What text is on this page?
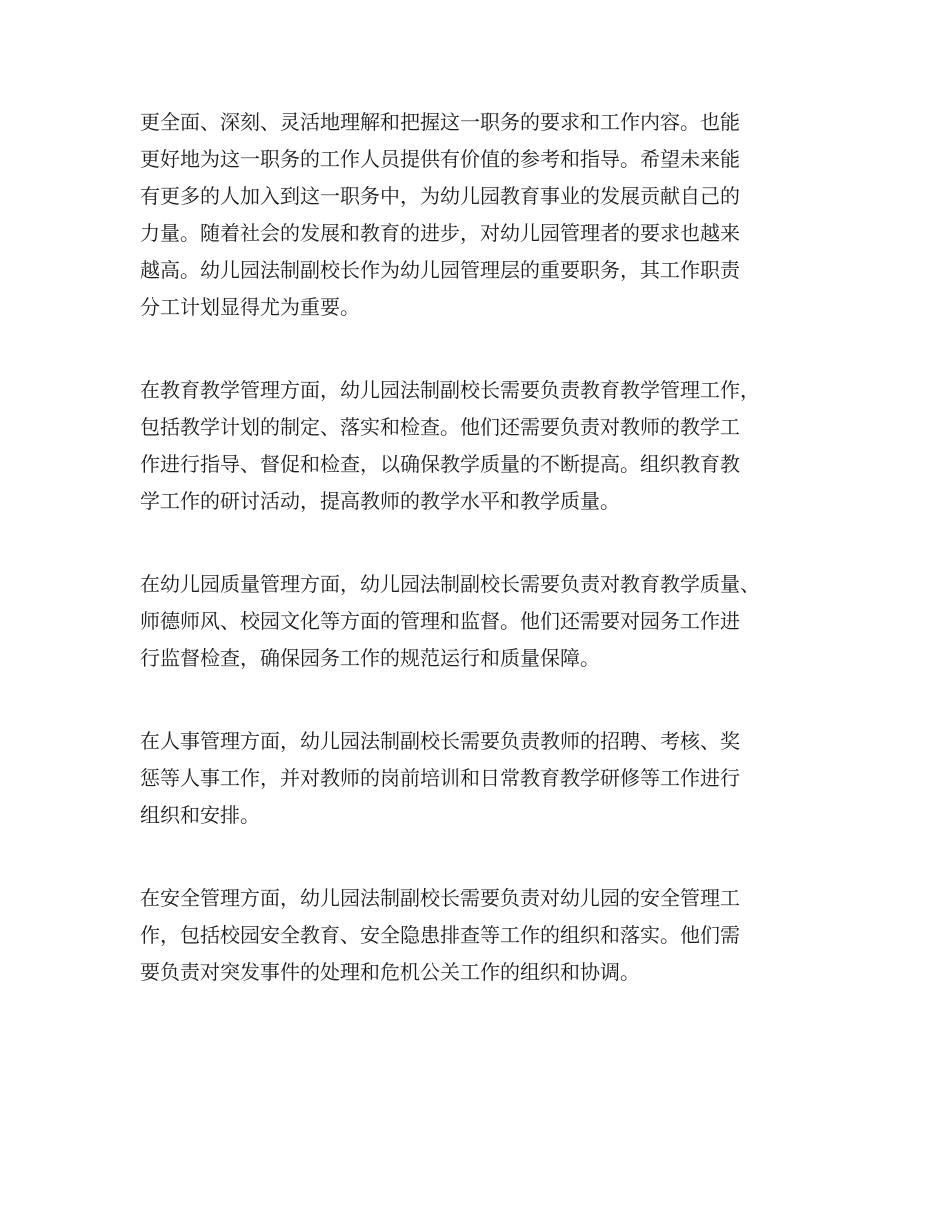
更全面、深刻、灵活地理解和把握这一职务的要求和工作内容。也能
更好地为这一职务的工作人员提供有价值的参考和指导。希望未来能
有更多的人加入到这一职务中，为幼儿园教育事业的发展贡献自己的
力量。随着社会的发展和教育的进步，对幼儿园管理者的要求也越来
越高。幼儿园法制副校长作为幼儿园管理层的重要职务，其工作职责
分工计划显得尤为重要。
在教育教学管理方面，幼儿园法制副校长需要负责教育教学管理工作，
包括教学计划的制定、落实和检查。他们还需要负责对教师的教学工
作进行指导、督促和检查，以确保教学质量的不断提高。组织教育教
学工作的研讨活动，提高教师的教学水平和教学质量。
在幼儿园质量管理方面，幼儿园法制副校长需要负责对教育教学质量、
师德师风、校园文化等方面的管理和监督。他们还需要对园务工作进
行监督检查，确保园务工作的规范运行和质量保障。
在人事管理方面，幼儿园法制副校长需要负责教师的招聘、考核、奖
惩等人事工作，并对教师的岗前培训和日常教育教学研修等工作进行
组织和安排。
在安全管理方面，幼儿园法制副校长需要负责对幼儿园的安全管理工
作，包括校园安全教育、安全隐患排查等工作的组织和落实。他们需
要负责对突发事件的处理和危机公关工作的组织和协调。
